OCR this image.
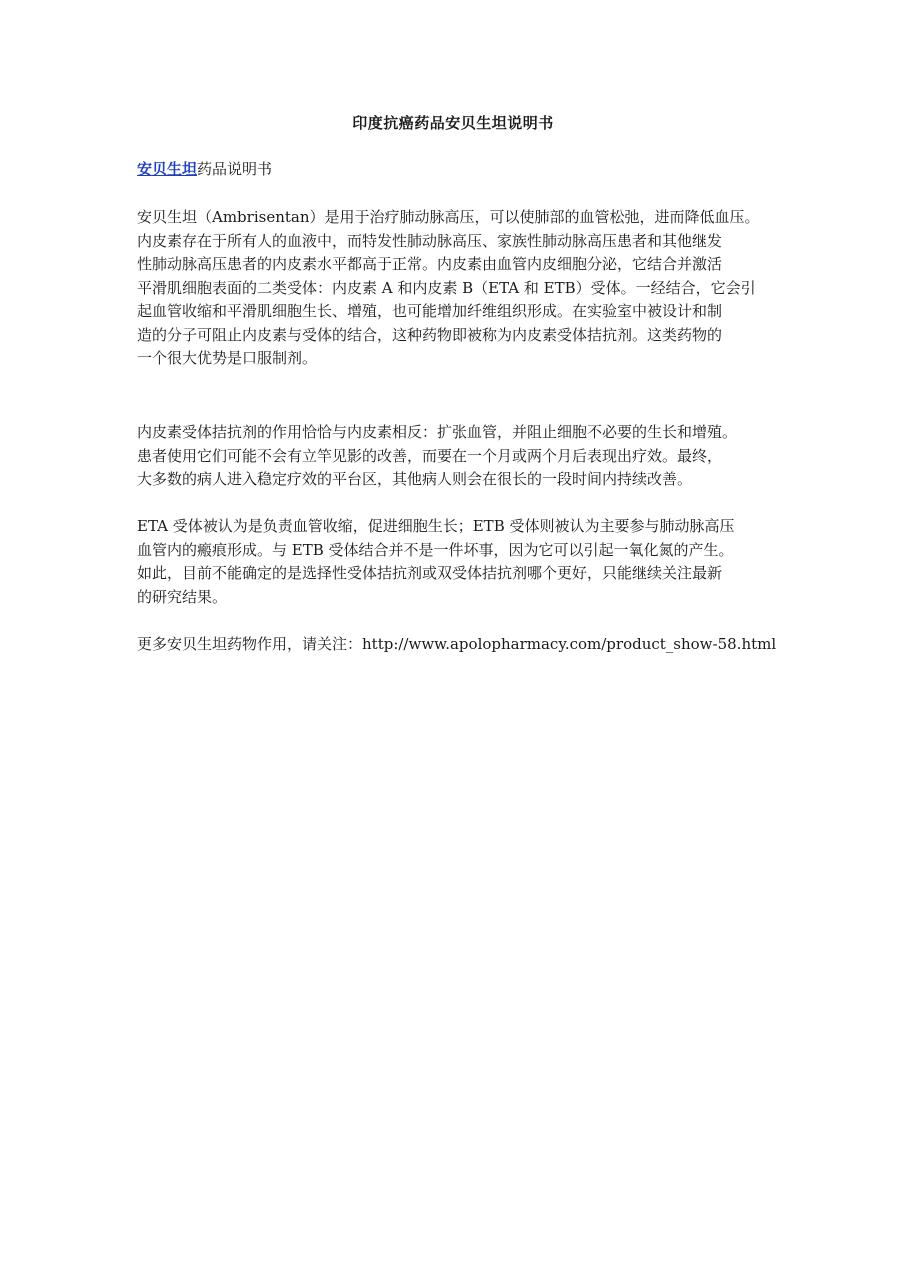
印度抗癌药品安贝生坦说明书
安贝生坦药品说明书

安贝生坦（Ambrisentan）是用于治疗肺动脉高压，可以使肺部的血管松弛，进而降低血压。
内皮素存在于所有人的血液中，而特发性肺动脉高压、家族性肺动脉高压患者和其他继发
性肺动脉高压患者的内皮素水平都高于正常。内皮素由血管内皮细胞分泌，它结合并激活
平滑肌细胞表面的二类受体：内皮素 A 和内皮素 B（ETA 和 ETB）受体。一经结合，它会引
起血管收缩和平滑肌细胞生长、增殖，也可能增加纤维组织形成。在实验室中被设计和制
造的分子可阻止内皮素与受体的结合，这种药物即被称为内皮素受体拮抗剂。这类药物的
一个很大优势是口服制剂。

内皮素受体拮抗剂的作用恰恰与内皮素相反：扩张血管，并阻止细胞不必要的生长和增殖。
患者使用它们可能不会有立竿见影的改善，而要在一个月或两个月后表现出疗效。最终，
大多数的病人进入稳定疗效的平台区，其他病人则会在很长的一段时间内持续改善。

ETA 受体被认为是负责血管收缩，促进细胞生长；ETB 受体则被认为主要参与肺动脉高压
血管内的瘢痕形成。与 ETB 受体结合并不是一件坏事，因为它可以引起一氧化氮的产生。
如此，目前不能确定的是选择性受体拮抗剂或双受体拮抗剂哪个更好，只能继续关注最新
的研究结果。

更多安贝生坦药物作用，请关注：http://www.apolopharmacy.com/product_show-58.html
